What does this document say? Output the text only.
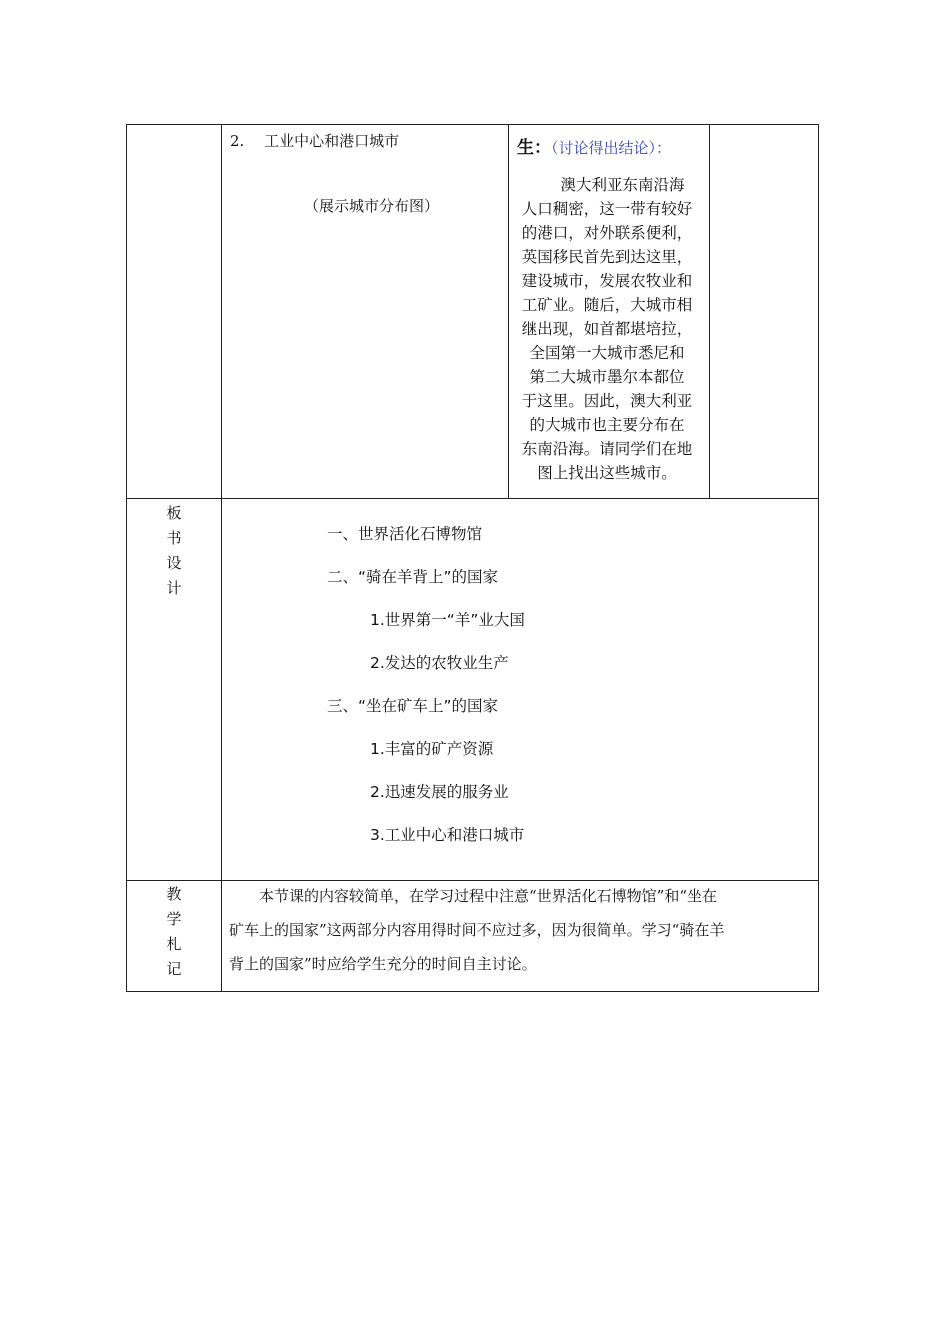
2.　 工业中心和港口城市
（展示城市分布图）
生：（讨论得出结论）：
　　澳大利亚东南沿海
人口稠密，这一带有较好
的港口，对外联系便利，
英国移民首先到达这里，
建设城市，发展农牧业和
工矿业。随后，大城市相
继出现，如首都堪培拉，
全国第一大城市悉尼和
第二大城市墨尔本都位
于这里。因此，澳大利亚
的大城市也主要分布在
东南沿海。请同学们在地
图上找出这些城市。
板
书
设
计
一、世界活化石博物馆
二、“骑在羊背上”的国家
1.世界第一“羊”业大国
2.发达的农牧业生产
三、“坐在矿车上”的国家
1.丰富的矿产资源
2.迅速发展的服务业
3.工业中心和港口城市
教
学
札
记
　　本节课的内容较简单，在学习过程中注意“世界活化石博物馆”和“坐在
矿车上的国家”这两部分内容用得时间不应过多，因为很简单。学习“骑在羊
背上的国家”时应给学生充分的时间自主讨论。
